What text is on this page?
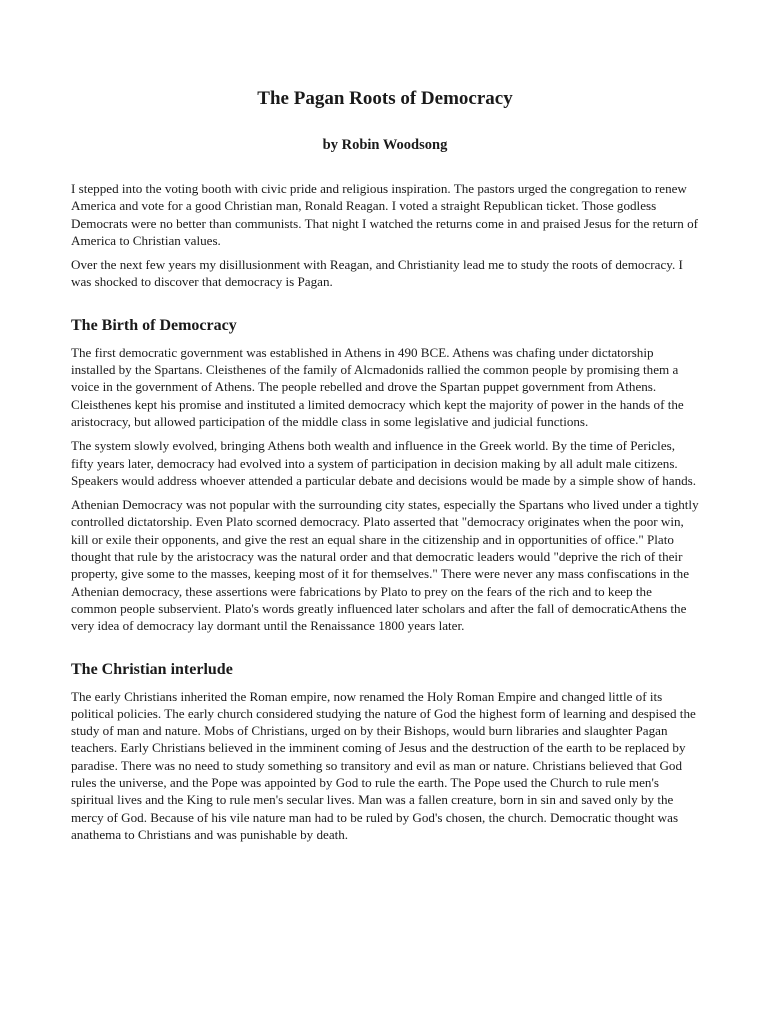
The Pagan Roots of Democracy
by Robin Woodsong

I stepped into the voting booth with civic pride and religious inspiration. The pastors urged the congregation to renew America and vote for a good Christian man, Ronald Reagan. I voted a straight Republican ticket. Those godless Democrats were no better than communists. That night I watched the returns come in and praised Jesus for the return of America to Christian values.

Over the next few years my disillusionment with Reagan, and Christianity lead me to study the roots of democracy. I was shocked to discover that democracy is Pagan.

The Birth of Democracy

The first democratic government was established in Athens in 490 BCE. Athens was chafing under dictatorship installed by the Spartans. Cleisthenes of the family of Alcmadonids rallied the common people by promising them a voice in the government of Athens. The people rebelled and drove the Spartan puppet government from Athens. Cleisthenes kept his promise and instituted a limited democracy which kept the majority of power in the hands of the aristocracy, but allowed participation of the middle class in some legislative and judicial functions.

The system slowly evolved, bringing Athens both wealth and influence in the Greek world. By the time of Pericles, fifty years later, democracy had evolved into a system of participation in decision making by all adult male citizens. Speakers would address whoever attended a particular debate and decisions would be made by a simple show of hands.

Athenian Democracy was not popular with the surrounding city states, especially the Spartans who lived under a tightly controlled dictatorship. Even Plato scorned democracy. Plato asserted that "democracy originates when the poor win, kill or exile their opponents, and give the rest an equal share in the citizenship and in opportunities of office." Plato thought that rule by the aristocracy was the natural order and that democratic leaders would "deprive the rich of their property, give some to the masses, keeping most of it for themselves." There were never any mass confiscations in the Athenian democracy, these assertions were fabrications by Plato to prey on the fears of the rich and to keep the common people subservient. Plato's words greatly influenced later scholars and after the fall of democraticAthens the very idea of democracy lay dormant until the Renaissance 1800 years later.

The Christian interlude

The early Christians inherited the Roman empire, now renamed the Holy Roman Empire and changed little of its political policies. The early church considered studying the nature of God the highest form of learning and despised the study of man and nature. Mobs of Christians, urged on by their Bishops, would burn libraries and slaughter Pagan teachers. Early Christians believed in the imminent coming of Jesus and the destruction of the earth to be replaced by paradise. There was no need to study something so transitory and evil as man or nature. Christians believed that God rules the universe, and the Pope was appointed by God to rule the earth. The Pope used the Church to rule men's spiritual lives and the King to rule men's secular lives. Man was a fallen creature, born in sin and saved only by the mercy of God. Because of his vile nature man had to be ruled by God's chosen, the church. Democratic thought was anathema to Christians and was punishable by death.
